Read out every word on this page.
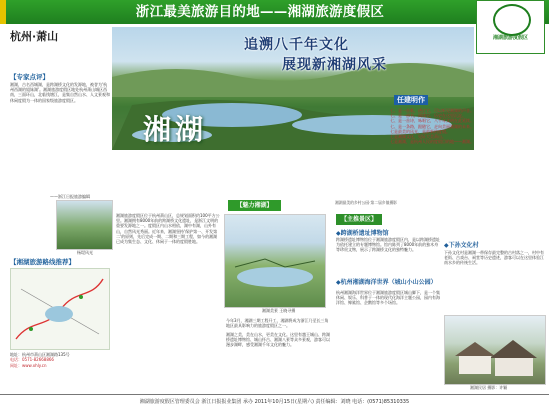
浙江最美旅游目的地——湘湖旅游度假区
湘湖旅游度假区
杭州·萧山
追溯八千年文化
展现新湘湖风采
湘湖
湘湖最美的乡村公园·第二届乡镇摄影
【专家点评】
湘湖，古名西城湖，是跨湖桥文化的发源地，被誉为'杭州西湖的姐妹湖'。湘湖旅游度假区地处杭州萧山城区西南，三面环山，北临钱塘江，是集自然山水、人文景观和休闲度假为一体的国家级旅游度假区。
——浙江日报旅游编辑
任建明作
七、是一首歌，透过它，可以听见湘湖的声音。
七、是一部书，阅读它，历史在这里沉淀。
七、是一首诗，咏唱它，八千年文明在此延续。
七、是一条路，跟随它，走向美丽湘湖的未来。
七是最美的风光，是最新的度假。
七是湘湖文化，见证大美萧山。
七是湘湖，是杭州人民的度假目的地——湘湖。
杨堤风光
【湘湖旅游路线推荐】
地址：杭州市萧山区湘湖路135号
电话：0571-82668866
网址：www.xhly.cn
【魅力湘湖】
湘湖旅游度假区位于杭州萧山区，总规划面积约100平方公里。湘湖拥有8000年前的跨湖桥文化遗址，是浙江文明的重要发源地之一。度假区内山水相依，湖中有湖，山外有山，自然风光秀丽。近年来，湘湖坚持'保护第一、开发第二'的原则，先后完成一期、二期和三期工程，如今的湘湖已成为集生态、文化、休闲于一体的度假胜地。
湘湖美景 王晓寻摄
今年3月，湘湖三期工程开工，湘湖将成为浙江乃至长三角地区最具影响力的旅游度假区之一。
湘湖之美，美在山水，更美在文化。这里有越王城山、跨湖桥遗址博物馆、城山怀古、湘湖八景等众多景观，游客可以漫步湖畔，感受湘湖千年文化的魅力。
【主推景区】
◆跨湖桥遗址博物馆
跨湖桥遗址博物馆位于湘湖旅游度假区内，是以跨湖桥遗址为依托建立的专题博物馆。馆内陈列了8000年前的独木舟等珍贵文物，展示了跨湖桥文化的独特魅力。
◆杭州湘湖海洋世界（城山小山公园）
杭州湘湖海洋世界位于湘湖旅游度假区城山脚下，是一个集休闲、娱乐、科普于一体的现代化海洋主题公园，园内有海洋馆、鲸鲨馆、企鹅馆等多个场馆。
◆下孙文化村
下孙文化村是湘湖一带保存最完整的古村落之一，村中有老街、古戏台、祠堂等历史遗迹，游客可以在这里体验江南水乡的传统生活。
湘湖民居 摄影：许颖
湘湖旅游度假区管理委员会 浙江日报报业集团 承办 2011年10月15日(星期六) 责任编辑：刘晓 电话：(0571)85310335
